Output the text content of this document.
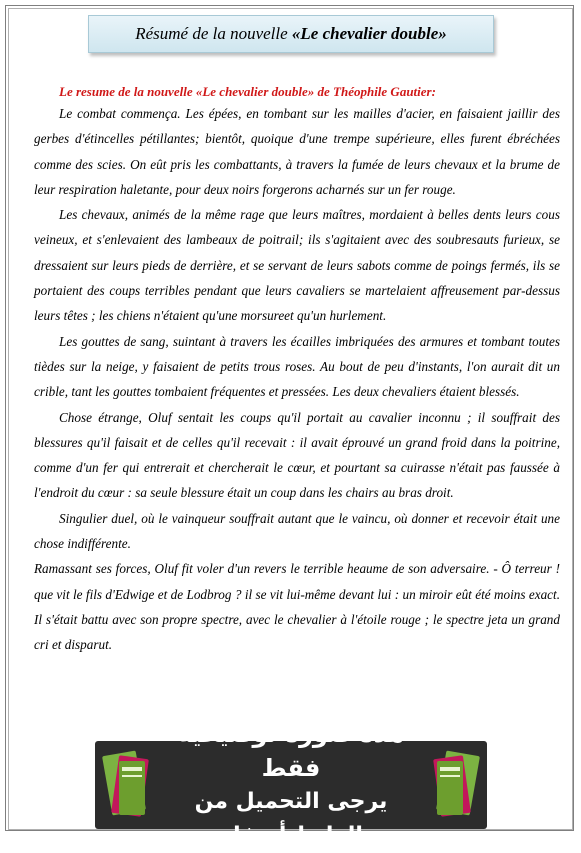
Résumé de la nouvelle
«Le chevalier double»
Le resume de la nouvelle «Le chevalier double» de Théophile Gautier:

Le combat commença. Les épées, en tombant sur les mailles d'acier, en faisaient jaillir des gerbes d'étincelles pétillantes; bientôt, quoique d'une trempe supérieure, elles furent ébréchées comme des scies. On eût pris les combattants, à travers la fumée de leurs chevaux et la brume de leur respiration haletante, pour deux noirs forgerons acharnés sur un fer rouge.

Les chevaux, animés de la même rage que leurs maîtres, mordaient à belles dents leurs cous veineux, et s'enlevaient des lambeaux de poitrail; ils s'agitaient avec des soubresauts furieux, se dressaient sur leurs pieds de derrière, et se servant de leurs sabots comme de poings fermés, ils se portaient des coups terribles pendant que leurs cavaliers se martelaient affreusement par-dessus leurs têtes ; les chiens n'étaient qu'une morsureet qu'un hurlement.

Les gouttes de sang, suintant à travers les écailles imbriquées des armures et tombant toutes tièdes sur la neige, y faisaient de petits trous roses. Au bout de peu d'instants, l'on aurait dit un crible, tant les gouttes tombaient fréquentes et pressées. Les deux chevaliers étaient blessés.

Chose étrange, Oluf sentait les coups qu'il portait au cavalier inconnu ; il souffrait des blessures qu'il faisait et de celles qu'il recevait : il avait éprouvé un grand froid dans la poitrine, comme d'un fer qui entrerait et chercherait le cœur, et pourtant sa cuirasse n'était pas faussée à l'endroit du cœur : sa seule blessure était un coup dans les chairs au bras droit.

Singulier duel, où le vainqueur souffrait autant que le vaincu, où donner et recevoir était une chose indifférente.

Ramassant ses forces, Oluf fit voler d'un revers le terrible heaume de son adversaire. - Ô terreur ! que vit le fils d'Edwige et de Lodbrog ? il se vit lui-même devant lui : un miroir eût été moins exact. Il s'était battu avec son propre spectre, avec le chevalier à l'étoile rouge ; le spectre jeta un grand cri et disparut.

هذه صورة توضيحية فقط
يرجى التحميل من الرابط أسفله
